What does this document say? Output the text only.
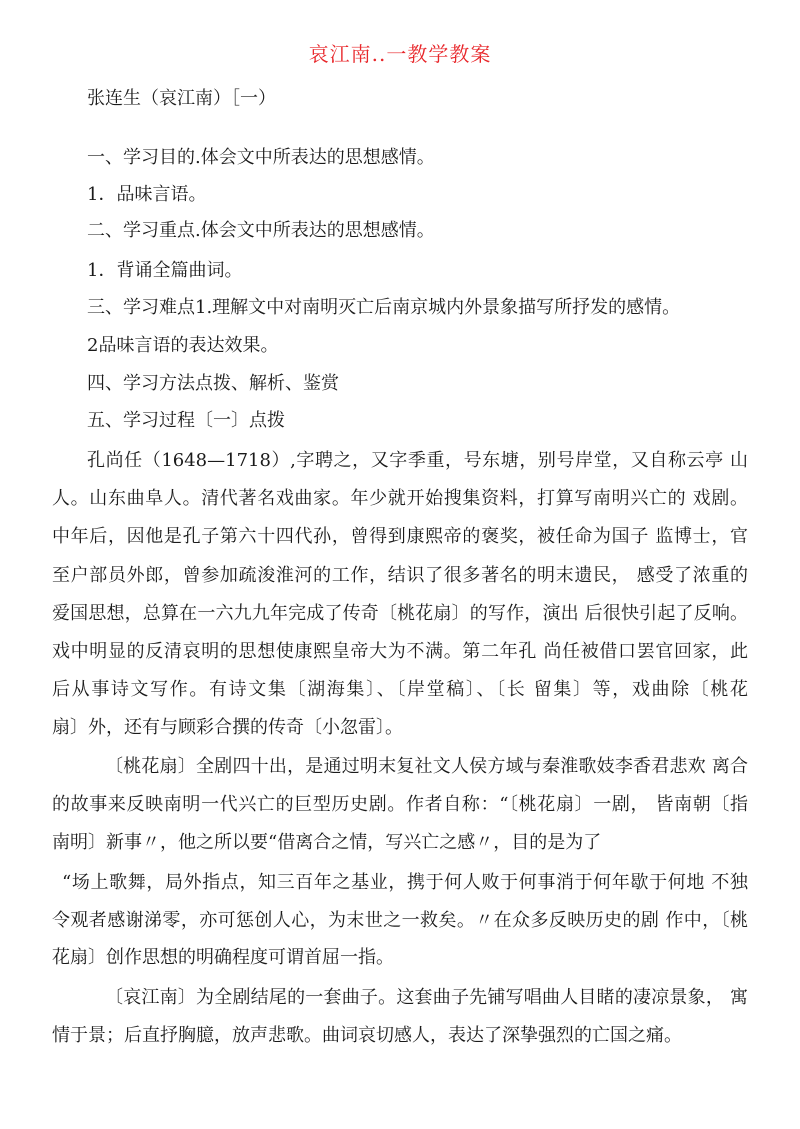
哀江南..一教学教案
张连生（哀江南）［一）
一、学习目的.体会文中所表达的思想感情。
1．品味言语。
二、学习重点.体会文中所表达的思想感情。
1．背诵全篇曲词。
三、学习难点1.理解文中对南明灭亡后南京城内外景象描写所抒发的感情。
2品味言语的表达效果。
四、学习方法点拨、解析、鉴赏
五、学习过程〔一〕点拨
孔尚任（1648—1718）,字聘之，又字季重，号东塘，别号岸堂，又自称云亭 山
人。山东曲阜人。清代著名戏曲家。年少就开始搜集资料，打算写南明兴亡的 戏剧。
中年后，因他是孔子第六十四代孙，曾得到康熙帝的褒奖，被任命为国子 监博士，官
至户部员外郎，曾参加疏浚淮河的工作，结识了很多著名的明末遗民， 感受了浓重的
爱国思想，总算在一六九九年完成了传奇〔桃花扇〕的写作，演出 后很快引起了反响。
戏中明显的反清哀明的思想使康熙皇帝大为不满。第二年孔 尚任被借口罢官回家，此
后从事诗文写作。有诗文集〔湖海集〕、〔岸堂稿〕、〔长 留集〕等，戏曲除〔桃花
扇〕外，还有与顾彩合撰的传奇〔小忽雷〕。
〔桃花扇〕全剧四十出，是通过明末复社文人侯方域与秦淮歌妓李香君悲欢 离合
的故事来反映南明一代兴亡的巨型历史剧。作者自称：“〔桃花扇〕一剧， 皆南朝〔指
南明〕新事〃，他之所以要“借离合之情，写兴亡之感〃，目的是为了
“场上歌舞，局外指点，知三百年之基业，携于何人败于何事消于何年歇于何地 不独
令观者感谢涕零，亦可惩创人心，为末世之一救矣。〃在众多反映历史的剧 作中，〔桃
花扇〕创作思想的明确程度可谓首屈一指。
〔哀江南〕为全剧结尾的一套曲子。这套曲子先铺写唱曲人目睹的凄凉景象， 寓
情于景；后直抒胸臆，放声悲歌。曲词哀切感人，表达了深挚强烈的亡国之痛。
